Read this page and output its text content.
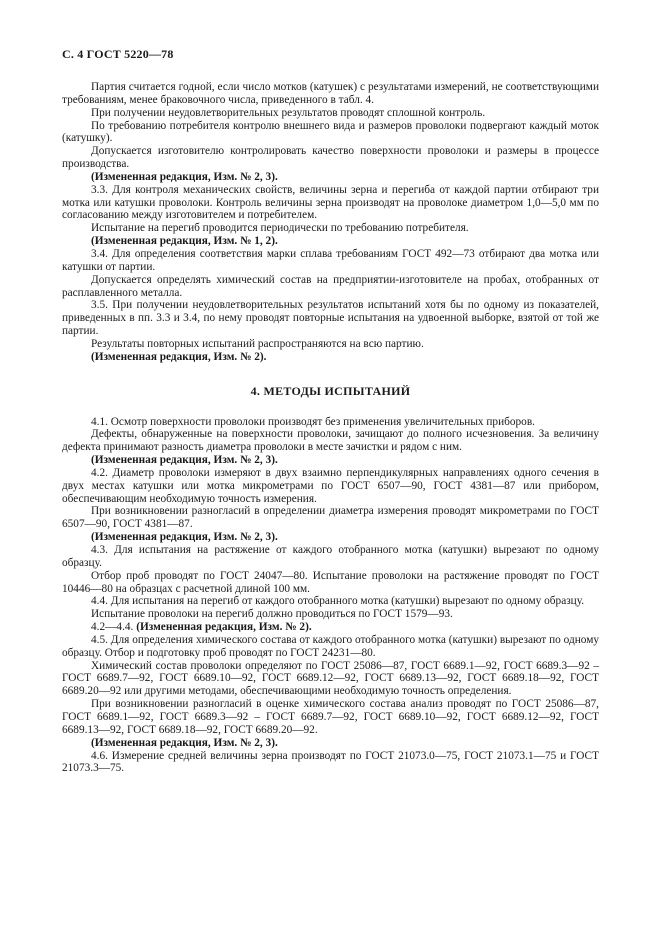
С. 4 ГОСТ 5220—78

Партия считается годной, если число мотков (катушек) с результатами измерений, не соответствующими требованиям, менее браковочного числа, приведенного в табл. 4.

При получении неудовлетворительных результатов проводят сплошной контроль.

По требованию потребителя контролю внешнего вида и размеров проволоки подвергают каждый моток (катушку).

Допускается изготовителю контролировать качество поверхности проволоки и размеры в процессе производства.

(Измененная редакция, Изм. № 2, 3).

3.3. Для контроля механических свойств, величины зерна и перегиба от каждой партии отбирают три мотка или катушки проволоки. Контроль величины зерна производят на проволоке диаметром 1,0—5,0 мм по согласованию между изготовителем и потребителем.

Испытание на перегиб проводится периодически по требованию потребителя.

(Измененная редакция, Изм. № 1, 2).

3.4. Для определения соответствия марки сплава требованиям ГОСТ 492—73 отбирают два мотка или катушки от партии.

Допускается определять химический состав на предприятии-изготовителе на пробах, отобранных от расплавленного металла.

3.5. При получении неудовлетворительных результатов испытаний хотя бы по одному из показателей, приведенных в пп. 3.3 и 3.4, по нему проводят повторные испытания на удвоенной выборке, взятой от той же партии.

Результаты повторных испытаний распространяются на всю партию.

(Измененная редакция, Изм. № 2).

4. МЕТОДЫ ИСПЫТАНИЙ

4.1. Осмотр поверхности проволоки производят без применения увеличительных приборов.

Дефекты, обнаруженные на поверхности проволоки, зачищают до полного исчезновения. За величину дефекта принимают разность диаметра проволоки в месте зачистки и рядом с ним.

(Измененная редакция, Изм. № 2, 3).

4.2. Диаметр проволоки измеряют в двух взаимно перпендикулярных направлениях одного сечения в двух местах катушки или мотка микрометрами по ГОСТ 6507—90, ГОСТ 4381—87 или прибором, обеспечивающим необходимую точность измерения.

При возникновении разногласий в определении диаметра измерения проводят микрометрами по ГОСТ 6507—90, ГОСТ 4381—87.

(Измененная редакция, Изм. № 2, 3).

4.3. Для испытания на растяжение от каждого отобранного мотка (катушки) вырезают по одному образцу.

Отбор проб проводят по ГОСТ 24047—80. Испытание проволоки на растяжение проводят по ГОСТ 10446—80 на образцах с расчетной длиной 100 мм.

4.4. Для испытания на перегиб от каждого отобранного мотка (катушки) вырезают по одному образцу.

Испытание проволоки на перегиб должно проводиться по ГОСТ 1579—93.

4.2—4.4. (Измененная редакция, Изм. № 2).

4.5. Для определения химического состава от каждого отобранного мотка (катушки) вырезают по одному образцу. Отбор и подготовку проб проводят по ГОСТ 24231—80.

Химический состав проволоки определяют по ГОСТ 25086—87, ГОСТ 6689.1—92, ГОСТ 6689.3—92 – ГОСТ 6689.7—92, ГОСТ 6689.10—92, ГОСТ 6689.12—92, ГОСТ 6689.13—92, ГОСТ 6689.18—92, ГОСТ 6689.20—92 или другими методами, обеспечивающими необходимую точность определения.

При возникновении разногласий в оценке химического состава анализ проводят по ГОСТ 25086—87, ГОСТ 6689.1—92, ГОСТ 6689.3—92 – ГОСТ 6689.7—92, ГОСТ 6689.10—92, ГОСТ 6689.12—92, ГОСТ 6689.13—92, ГОСТ 6689.18—92, ГОСТ 6689.20—92.

(Измененная редакция, Изм. № 2, 3).

4.6. Измерение средней величины зерна производят по ГОСТ 21073.0—75, ГОСТ 21073.1—75 и ГОСТ 21073.3—75.
